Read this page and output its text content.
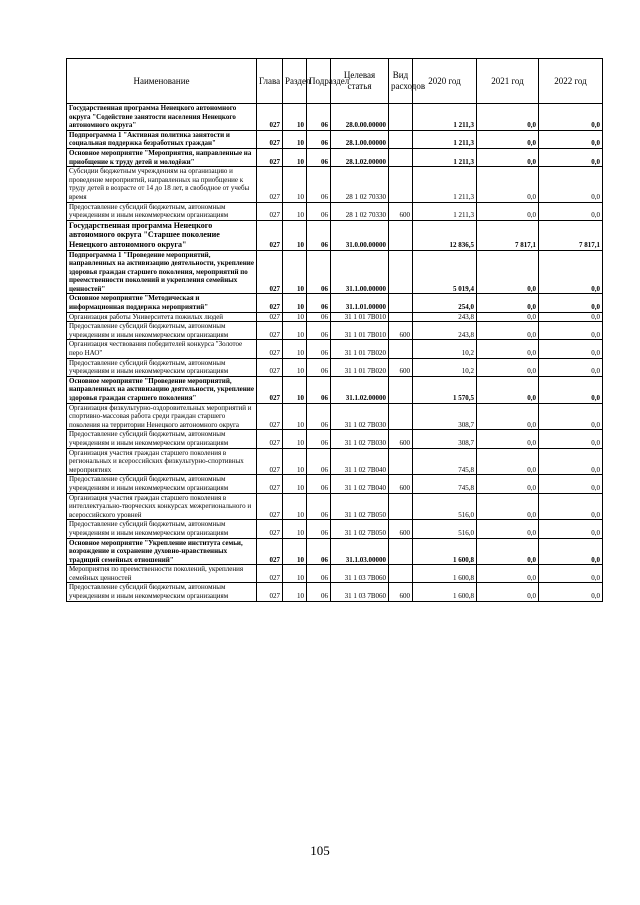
Наименование	Глава	Раздел	Подраздел	Целевая статья	Вид расходов	2020 год	2021 год	2022 год
Государственная программа Ненецкого автономного округа "Содействие занятости населения Ненецкого автономного округа"	027	10	06	28.0.00.00000		1 211,3	0,0	0,0
Подпрограмма 1 "Активная политика занятости и социальная поддержка безработных граждан"	027	10	06	28.1.00.00000		1 211,3	0,0	0,0
Основное мероприятие "Мероприятия, направленные на приобщение к труду детей и молодёжи"	027	10	06	28.1.02.00000		1 211,3	0,0	0,0
Субсидии бюджетным учреждениям на организацию и проведение мероприятий, направленных на приобщение к труду детей в возрасте от 14 до 18 лет, в свободное от учебы время	027	10	06	28 1 02 70330		1 211,3	0,0	0,0
Предоставление субсидий бюджетным, автономным учреждениям и иным некоммерческим организациям	027	10	06	28 1 02 70330	600	1 211,3	0,0	0,0
Государственная программа Ненецкого автономного округа "Старшее поколение Ненецкого автономного округа"	027	10	06	31.0.00.00000		12 836,5	7 817,1	7 817,1
Подпрограмма 1 "Проведение мероприятий, направленных на активизацию деятельности, укрепление здоровья граждан старшего поколения, мероприятий по преемственности поколений и укрепления семейных ценностей"	027	10	06	31.1.00.00000		5 019,4	0,0	0,0
Основное мероприятие "Методическая и информационная поддержка мероприятий"	027	10	06	31.1.01.00000		254,0	0,0	0,0
Организация работы Университета пожилых людей	027	10	06	31 1 01 7В010		243,8	0,0	0,0
Предоставление субсидий бюджетным, автономным учреждениям и иным некоммерческим организациям	027	10	06	31 1 01 7В010	600	243,8	0,0	0,0
Организация чествования победителей конкурса "Золотое перо НАО"	027	10	06	31 1 01 7В020		10,2	0,0	0,0
Предоставление субсидий бюджетным, автономным учреждениям и иным некоммерческим организациям	027	10	06	31 1 01 7В020	600	10,2	0,0	0,0
Основное мероприятие "Проведение мероприятий, направленных на активизацию деятельности, укрепление здоровья граждан старшего поколения"	027	10	06	31.1.02.00000		1 570,5	0,0	0,0
Организация физкультурно-оздоровительных мероприятий и спортивно-массовая работа среди граждан старшего поколения на территории Ненецкого автономного округа	027	10	06	31 1 02 7В030		308,7	0,0	0,0
Предоставление субсидий бюджетным, автономным учреждениям и иным некоммерческим организациям	027	10	06	31 1 02 7В030	600	308,7	0,0	0,0
Организация участия граждан старшего поколения в региональных и всероссийских физкультурно-спортивных мероприятиях	027	10	06	31 1 02 7В040		745,8	0,0	0,0
Предоставление субсидий бюджетным, автономным учреждениям и иным некоммерческим организациям	027	10	06	31 1 02 7В040	600	745,8	0,0	0,0
Организация участия граждан старшего поколения в интеллектуально-творческих конкурсах межрегионального и всероссийского уровней	027	10	06	31 1 02 7В050		516,0	0,0	0,0
Предоставление субсидий бюджетным, автономным учреждениям и иным некоммерческим организациям	027	10	06	31 1 02 7В050	600	516,0	0,0	0,0
Основное мероприятие "Укрепление института семьи, возрождение и сохранение духовно-нравственных традиций семейных отношений"	027	10	06	31.1.03.00000		1 600,8	0,0	0,0
Мероприятия по преемственности поколений, укрепления семейных ценностей	027	10	06	31 1 03 7В060		1 600,8	0,0	0,0
Предоставление субсидий бюджетным, автономным учреждениям и иным некоммерческим организациям	027	10	06	31 1 03 7В060	600	1 600,8	0,0	0,0
105
